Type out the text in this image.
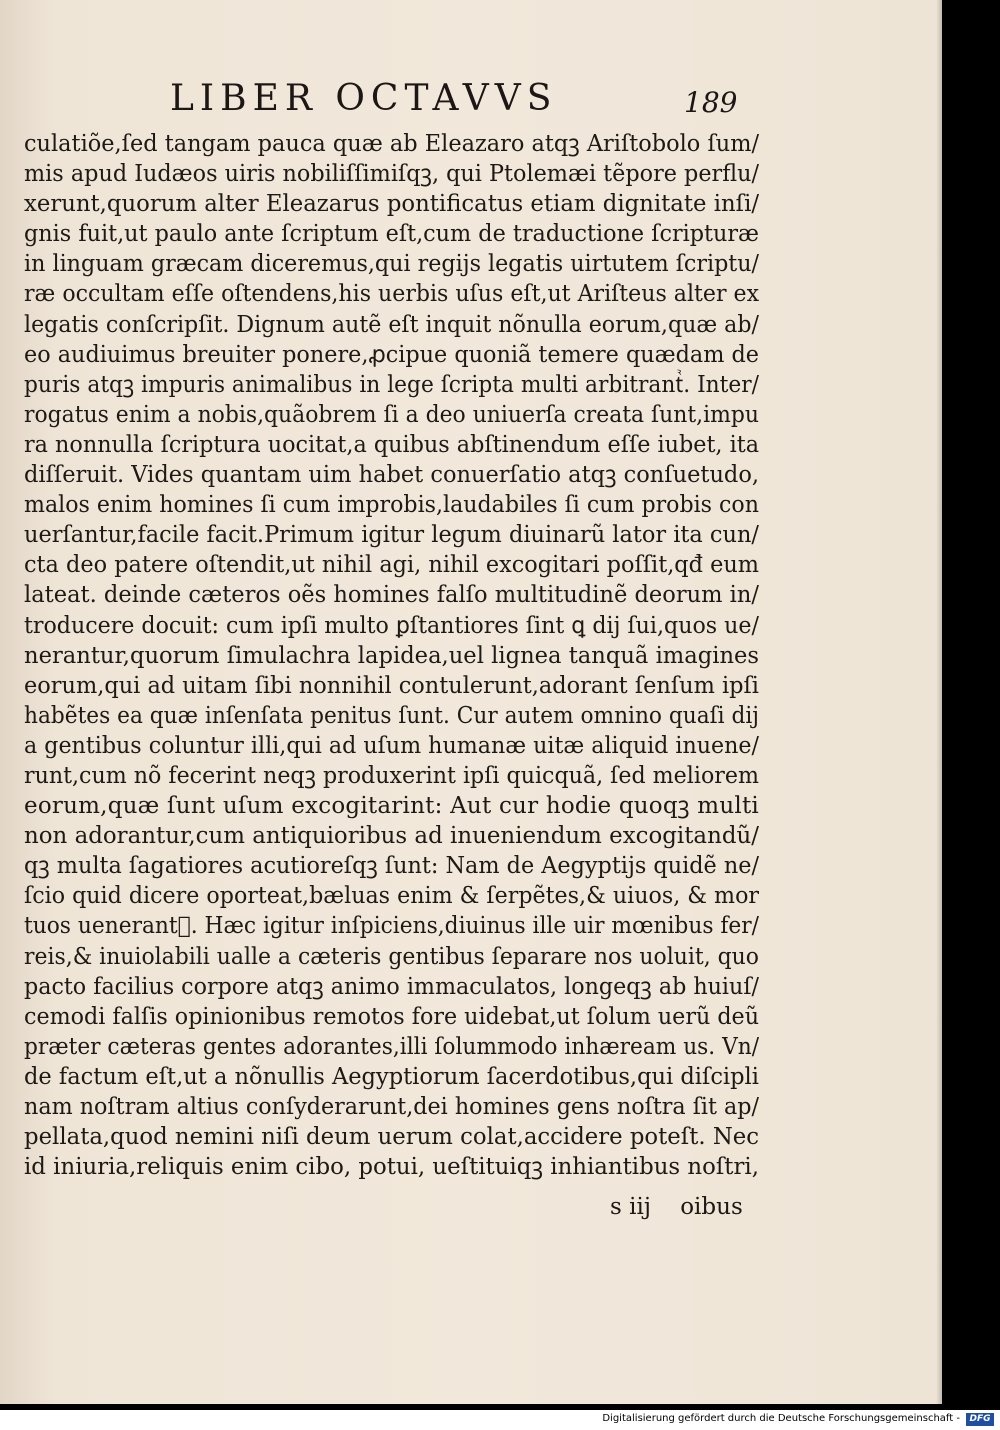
LIBER OCTAVVS	189
culatiõe,ſed tangam pauca quæ ab Eleazaro atqꝫ Ariſtobolo ſum/
mis apud Iudæos uiris nobiliſſimiſqꝫ, qui Ptolemæi tẽpore perflu/
xerunt,quorum alter Eleazarus pontificatus etiam dignitate inſi/
gnis fuit,ut paulo ante ſcriptum eſt,cum de traductione ſcripturæ
in linguam græcam diceremus,qui regijs legatis uirtutem ſcriptu/
ræ occultam eſſe oſtendens,his uerbis uſus eſt,ut Ariſteus alter ex
legatis conſcripſit. Dignum autẽ eſt inquit nõnulla eorum,quæ ab/
eo audiuimus breuiter ponere,ꝓcipue quoniã temere quædam de
puris atqꝫ impuris animalibus in lege ſcripta multi arbitrantᷣ. Inter/
rogatus enim a nobis,quãobrem ſi a deo uniuerſa creata ſunt,impu
ra nonnulla ſcriptura uocitat,a quibus abſtinendum eſſe iubet, ita
diſſeruit. Vides quantam uim habet conuerſatio atqꝫ conſuetudo,
malos enim homines ſi cum improbis,laudabiles ſi cum probis con
uerſantur,facile facit.Primum igitur legum diuinarũ lator ita cun/
cta deo patere oſtendit,ut nihil agi, nihil excogitari poſſit,qđ eum
lateat. deinde cæteros oẽs homines falſo multitudinẽ deorum in/
troducere docuit: cum ipſi multo ꝑſtantiores ſint ꝗ dij ſui,quos ue/
nerantur,quorum ſimulachra lapidea,uel lignea tanquã imagines
eorum,qui ad uitam ſibi nonnihil contulerunt,adorant ſenſum ipſi
habẽtes ea quæ inſenſata penitus ſunt. Cur autem omnino quaſi dij
a gentibus coluntur illi,qui ad uſum humanæ uitæ aliquid inuene/
runt,cum nõ fecerint neqꝫ produxerint ipſi quicquã, ſed meliorem
eorum,quæ ſunt uſum excogitarint: Aut cur hodie quoqꝫ multi
non adorantur,cum antiquioribus ad inueniendum excogitandũ/
qꝫ multa ſagatiores acutioreſqꝫ ſunt: Nam de Aegyptijs quidẽ ne/
ſcio quid dicere oporteat,bæluas enim & ſerpẽtes,& uiuos, & mor
tuos uenerantᷣ. Hæc igitur inſpiciens,diuinus ille uir mœnibus fer/
reis,& inuiolabili ualle a cæteris gentibus ſeparare nos uoluit, quo
pacto facilius corpore atqꝫ animo immaculatos, longeqꝫ ab huiuſ/
cemodi falſis opinionibus remotos fore uidebat,ut ſolum uerũ deũ
præter cæteras gentes adorantes,illi ſolummodo inhæream us. Vn/
de factum eſt,ut a nõnullis Aegyptiorum ſacerdotibus,qui diſcipli
nam noſtram altius conſyderarunt,dei homines gens noſtra ſit ap/
pellata,quod nemini niſi deum uerum colat,accidere poteſt. Nec
id iniuria,reliquis enim cibo, potui, ueſtituiqꝫ inhiantibus noſtri,
s iij    oibus
Digitalisierung gefördert durch die Deutsche Forschungsgemeinschaft -	DFG
